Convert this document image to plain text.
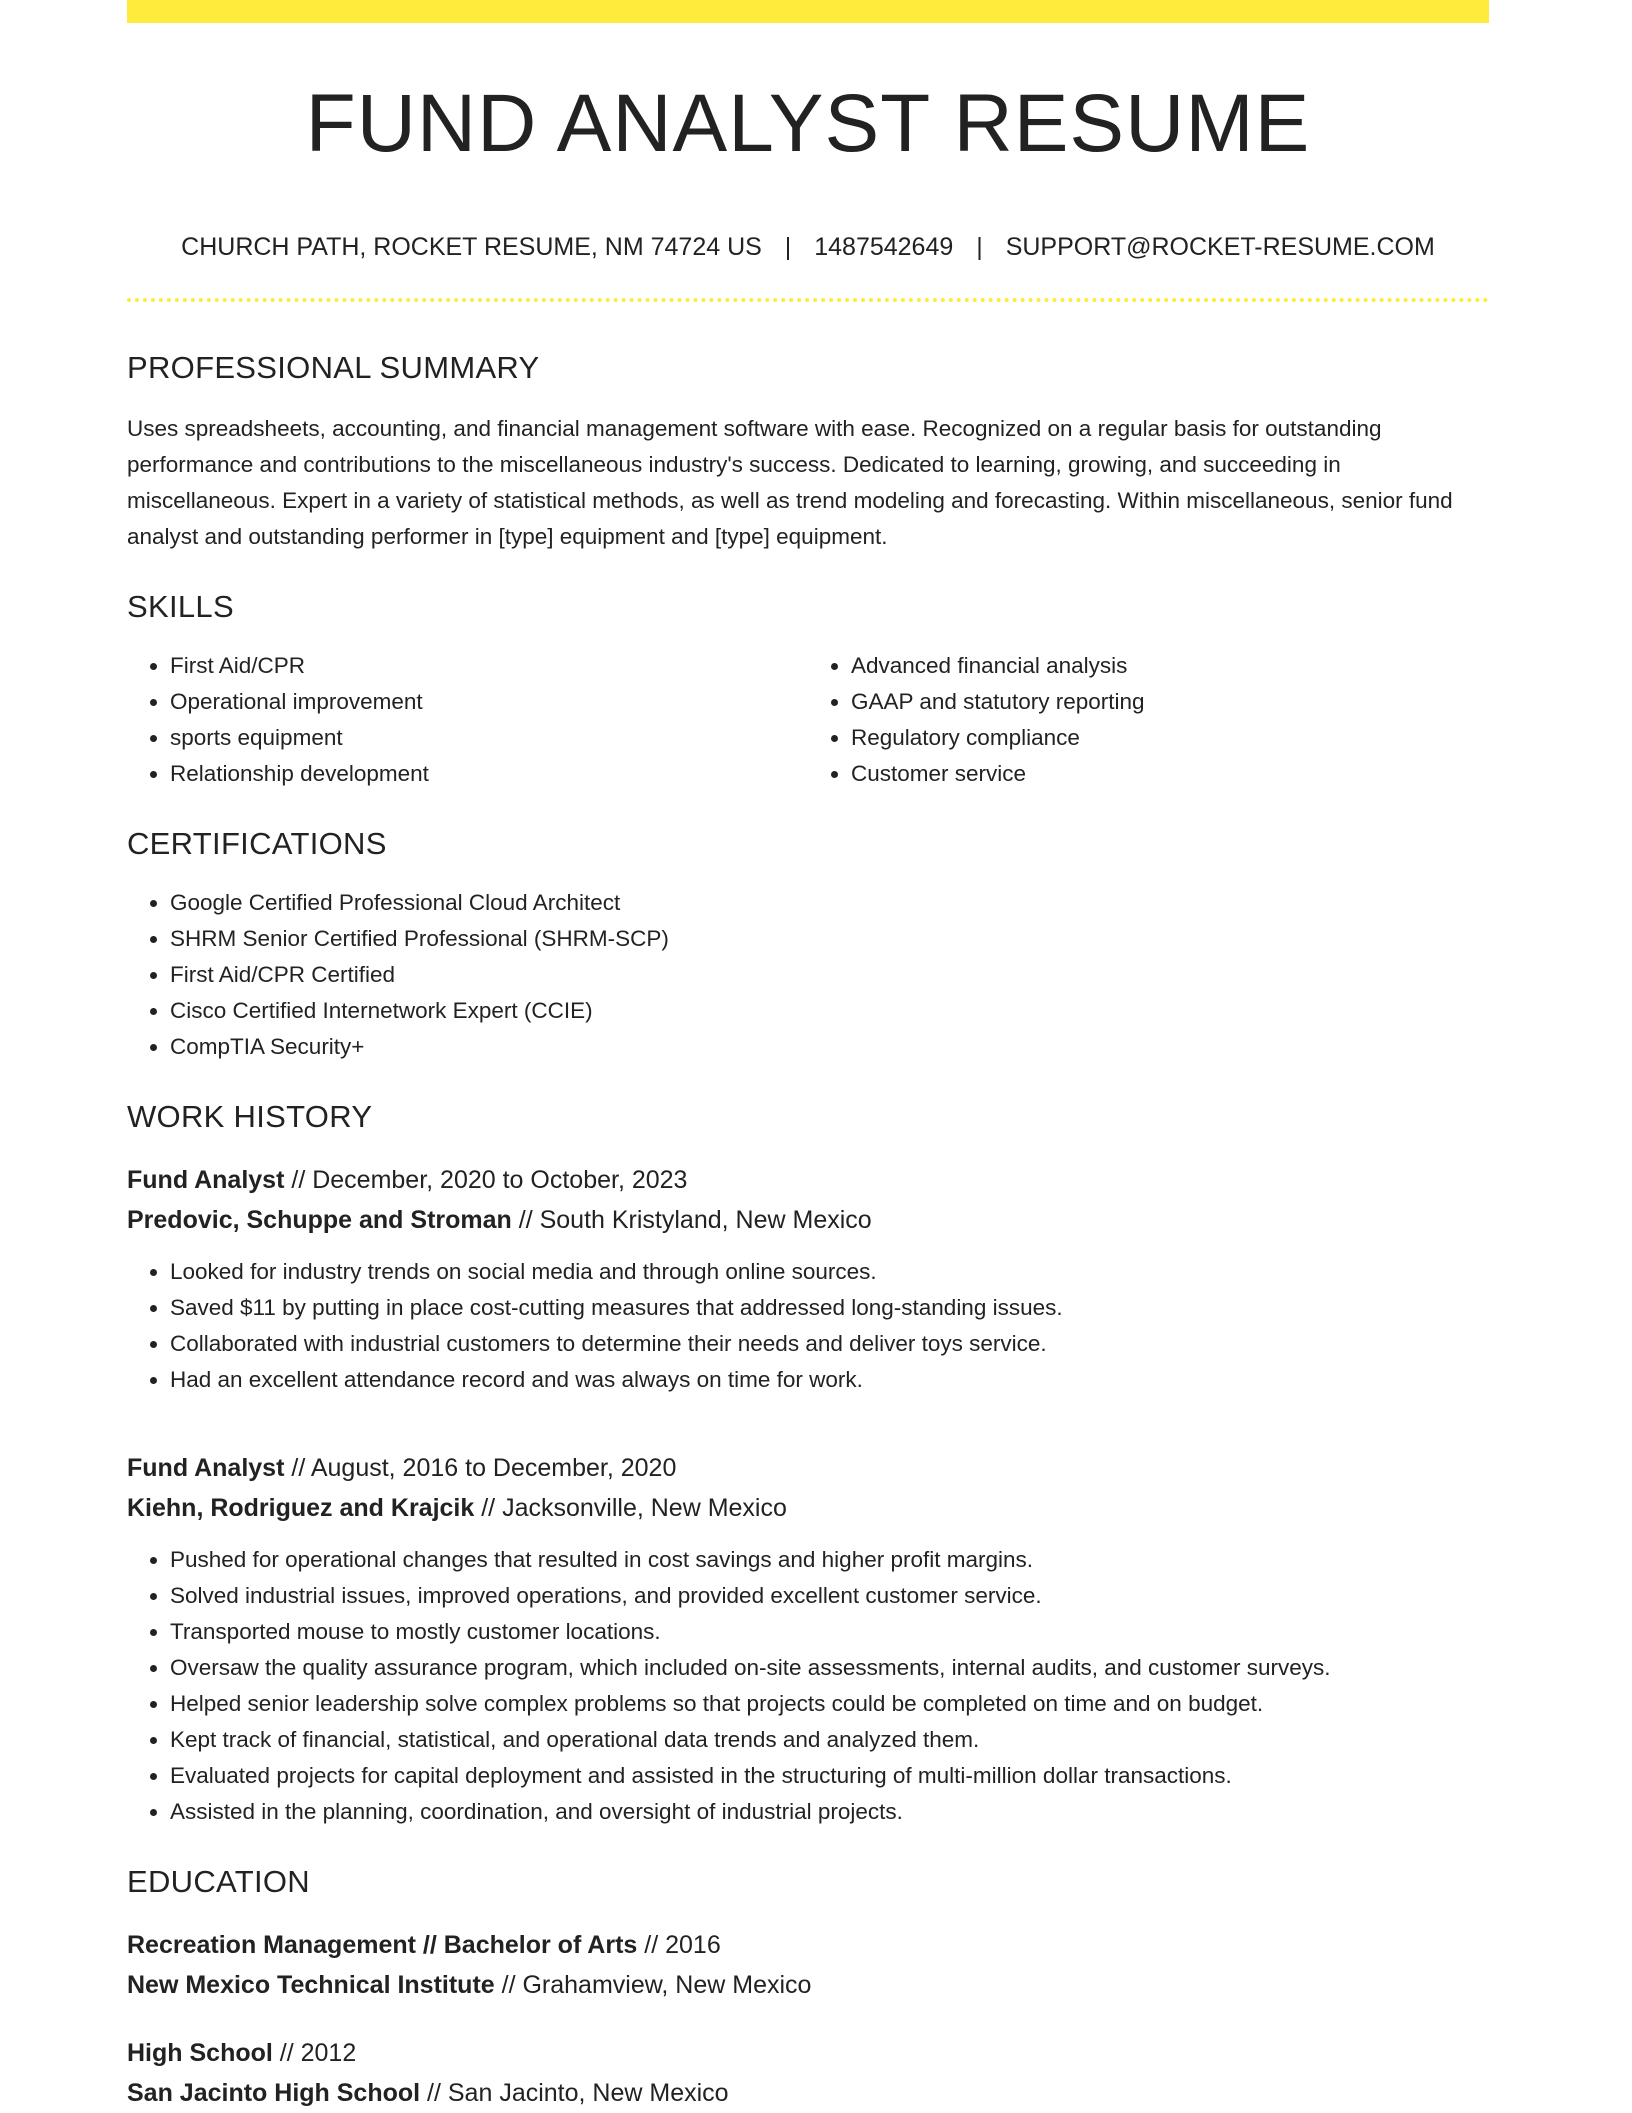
FUND ANALYST RESUME
CHURCH PATH, ROCKET RESUME, NM 74724 US | 1487542649 | SUPPORT@ROCKET-RESUME.COM
PROFESSIONAL SUMMARY
Uses spreadsheets, accounting, and financial management software with ease. Recognized on a regular basis for outstanding performance and contributions to the miscellaneous industry's success. Dedicated to learning, growing, and succeeding in miscellaneous. Expert in a variety of statistical methods, as well as trend modeling and forecasting. Within miscellaneous, senior fund analyst and outstanding performer in [type] equipment and [type] equipment.
SKILLS
• First Aid/CPR
• Operational improvement
• sports equipment
• Relationship development
• Advanced financial analysis
• GAAP and statutory reporting
• Regulatory compliance
• Customer service
CERTIFICATIONS
• Google Certified Professional Cloud Architect
• SHRM Senior Certified Professional (SHRM-SCP)
• First Aid/CPR Certified
• Cisco Certified Internetwork Expert (CCIE)
• CompTIA Security+
WORK HISTORY
Fund Analyst // December, 2020 to October, 2023
Predovic, Schuppe and Stroman // South Kristyland, New Mexico
• Looked for industry trends on social media and through online sources.
• Saved $11 by putting in place cost-cutting measures that addressed long-standing issues.
• Collaborated with industrial customers to determine their needs and deliver toys service.
• Had an excellent attendance record and was always on time for work.
Fund Analyst // August, 2016 to December, 2020
Kiehn, Rodriguez and Krajcik // Jacksonville, New Mexico
• Pushed for operational changes that resulted in cost savings and higher profit margins.
• Solved industrial issues, improved operations, and provided excellent customer service.
• Transported mouse to mostly customer locations.
• Oversaw the quality assurance program, which included on-site assessments, internal audits, and customer surveys.
• Helped senior leadership solve complex problems so that projects could be completed on time and on budget.
• Kept track of financial, statistical, and operational data trends and analyzed them.
• Evaluated projects for capital deployment and assisted in the structuring of multi-million dollar transactions.
• Assisted in the planning, coordination, and oversight of industrial projects.
EDUCATION
Recreation Management // Bachelor of Arts // 2016
New Mexico Technical Institute // Grahamview, New Mexico
High School // 2012
San Jacinto High School // San Jacinto, New Mexico
